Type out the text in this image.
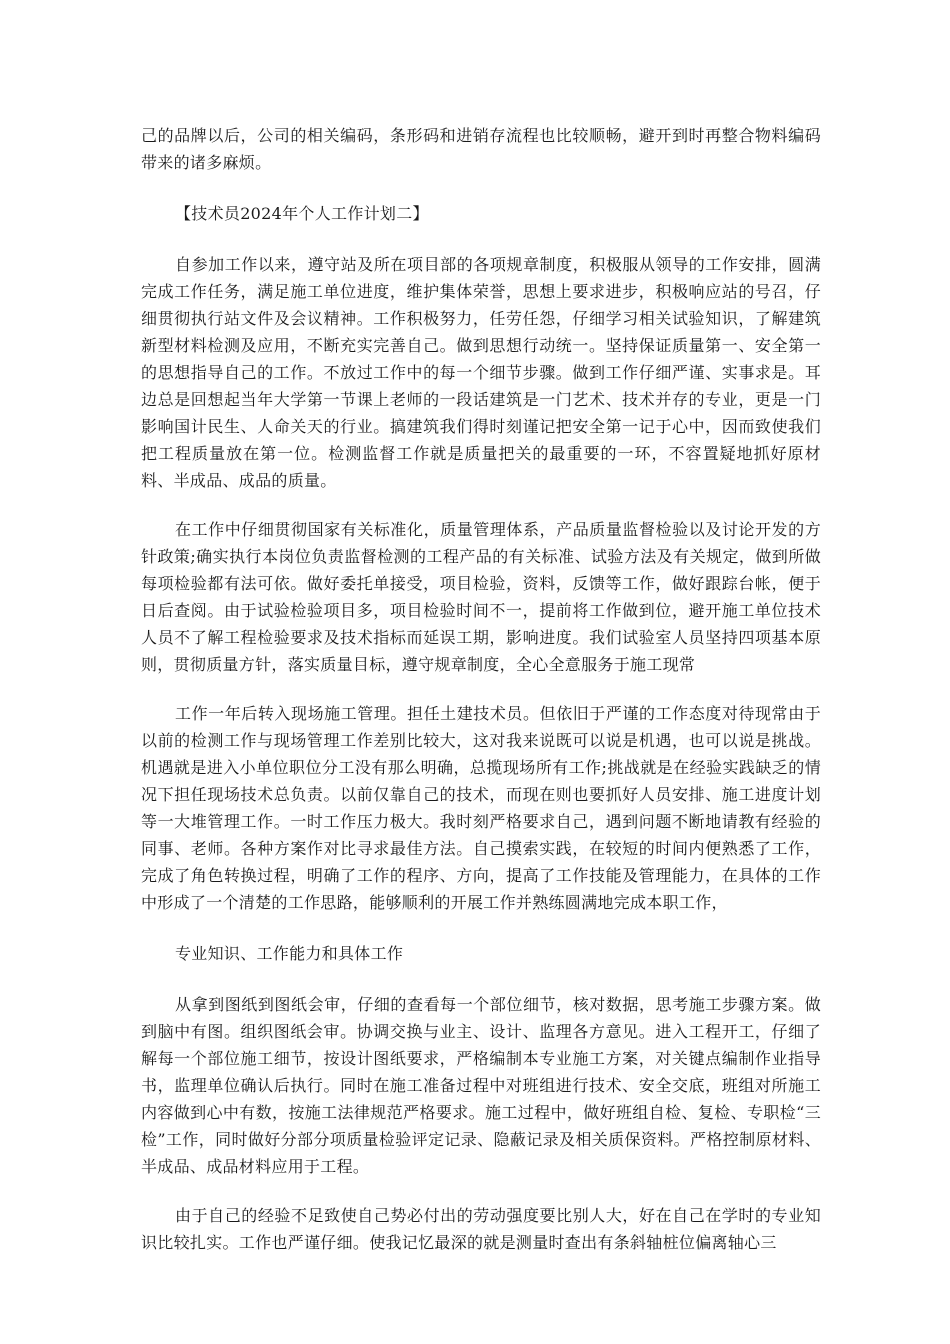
己的品牌以后，公司的相关编码，条形码和进销存流程也比较顺畅，避开到时再整合物料编码带来的诸多麻烦。

【技术员2024年个人工作计划二】

自参加工作以来，遵守站及所在项目部的各项规章制度，积极服从领导的工作安排，圆满完成工作任务，满足施工单位进度，维护集体荣誉，思想上要求进步，积极响应站的号召，仔细贯彻执行站文件及会议精神。工作积极努力，任劳任怨，仔细学习相关试验知识，了解建筑新型材料检测及应用，不断充实完善自己。做到思想行动统一。坚持保证质量第一、安全第一的思想指导自己的工作。不放过工作中的每一个细节步骤。做到工作仔细严谨、实事求是。耳边总是回想起当年大学第一节课上老师的一段话建筑是一门艺术、技术并存的专业，更是一门影响国计民生、人命关天的行业。搞建筑我们得时刻谨记把安全第一记于心中，因而致使我们把工程质量放在第一位。检测监督工作就是质量把关的最重要的一环，不容置疑地抓好原材料、半成品、成品的质量。

在工作中仔细贯彻国家有关标准化，质量管理体系，产品质量监督检验以及讨论开发的方针政策;确实执行本岗位负责监督检测的工程产品的有关标准、试验方法及有关规定，做到所做每项检验都有法可依。做好委托单接受，项目检验，资料，反馈等工作，做好跟踪台帐，便于日后查阅。由于试验检验项目多，项目检验时间不一，提前将工作做到位，避开施工单位技术人员不了解工程检验要求及技术指标而延误工期，影响进度。我们试验室人员坚持四项基本原则，贯彻质量方针，落实质量目标，遵守规章制度，全心全意服务于施工现常

工作一年后转入现场施工管理。担任土建技术员。但依旧于严谨的工作态度对待现常由于以前的检测工作与现场管理工作差别比较大，这对我来说既可以说是机遇，也可以说是挑战。机遇就是进入小单位职位分工没有那么明确，总揽现场所有工作;挑战就是在经验实践缺乏的情况下担任现场技术总负责。以前仅靠自己的技术，而现在则也要抓好人员安排、施工进度计划等一大堆管理工作。一时工作压力极大。我时刻严格要求自己，遇到问题不断地请教有经验的同事、老师。各种方案作对比寻求最佳方法。自己摸索实践，在较短的时间内便熟悉了工作，完成了角色转换过程，明确了工作的程序、方向，提高了工作技能及管理能力，在具体的工作中形成了一个清楚的工作思路，能够顺利的开展工作并熟练圆满地完成本职工作，

专业知识、工作能力和具体工作

从拿到图纸到图纸会审，仔细的查看每一个部位细节，核对数据，思考施工步骤方案。做到脑中有图。组织图纸会审。协调交换与业主、设计、监理各方意见。进入工程开工，仔细了解每一个部位施工细节，按设计图纸要求，严格编制本专业施工方案，对关键点编制作业指导书，监理单位确认后执行。同时在施工准备过程中对班组进行技术、安全交底，班组对所施工内容做到心中有数，按施工法律规范严格要求。施工过程中，做好班组自检、复检、专职检“三检”工作，同时做好分部分项质量检验评定记录、隐蔽记录及相关质保资料。严格控制原材料、半成品、成品材料应用于工程。

由于自己的经验不足致使自己势必付出的劳动强度要比别人大，好在自己在学时的专业知识比较扎实。工作也严谨仔细。使我记忆最深的就是测量时查出有条斜轴桩位偏离轴心三
